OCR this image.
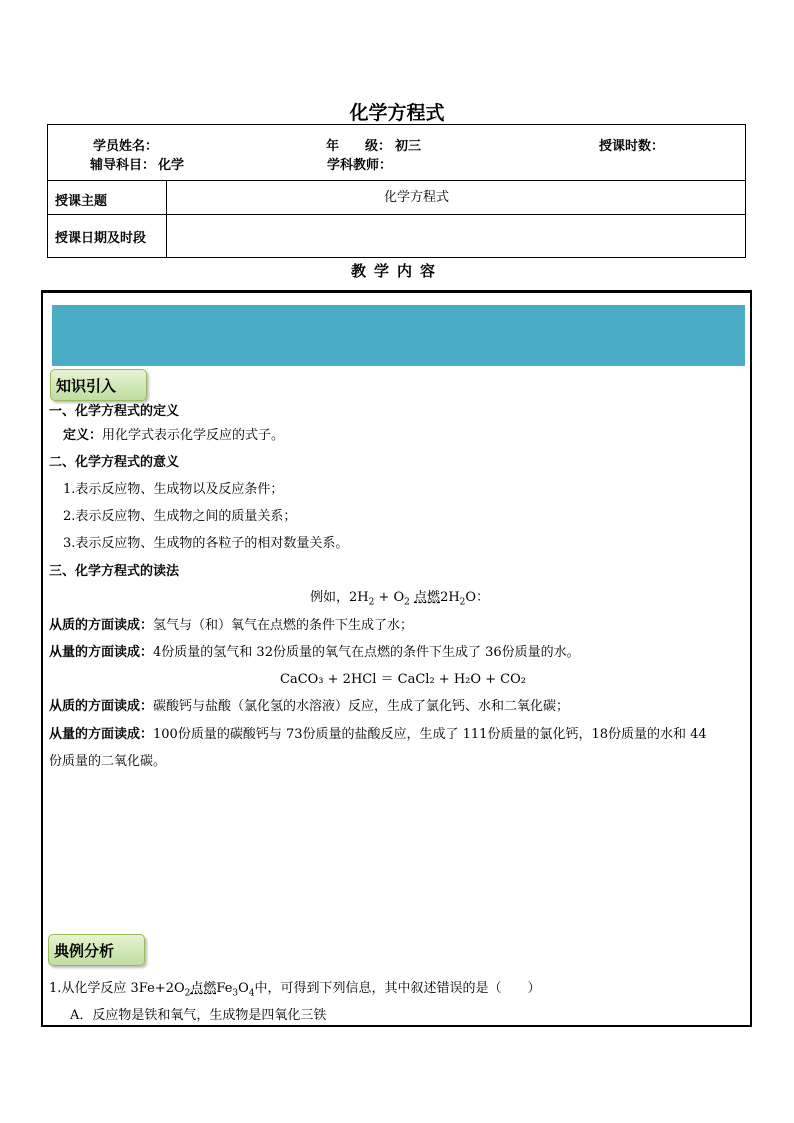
化学方程式
学员姓名：	年　　级： 初三	授课时数：
辅导科目： 化学	学科教师：
授课主题	化学方程式
授课日期及时段
教学内容
知识引入
一、化学方程式的定义
定义：用化学式表示化学反应的式子。
二、化学方程式的意义
1.表示反应物、生成物以及反应条件；
2.表示反应物、生成物之间的质量关系；
3.表示反应物、生成物的各粒子的相对数量关系。
三、化学方程式的读法
例如，$2H_2 + O_2$ 点燃$2H_2O$：
从质的方面读成：氢气与（和）氧气在点燃的条件下生成了水；
从量的方面读成：4份质量的氢气和 32份质量的氧气在点燃的条件下生成了 36份质量的水。
CaCO₃ + 2HCl ＝ CaCl₂ + H₂O + CO₂
从质的方面读成：碳酸钙与盐酸（氯化氢的水溶液）反应，生成了氯化钙、水和二氧化碳；
从量的方面读成：100份质量的碳酸钙与 73份质量的盐酸反应，生成了 111份质量的氯化钙，18份质量的水和 44
份质量的二氧化碳。
典例分析
1.从化学反应 $3Fe+2O_2$点燃$Fe_3O_4$中，可得到下列信息，其中叙述错误的是（　　）
A．反应物是铁和氧气，生成物是四氧化三铁
